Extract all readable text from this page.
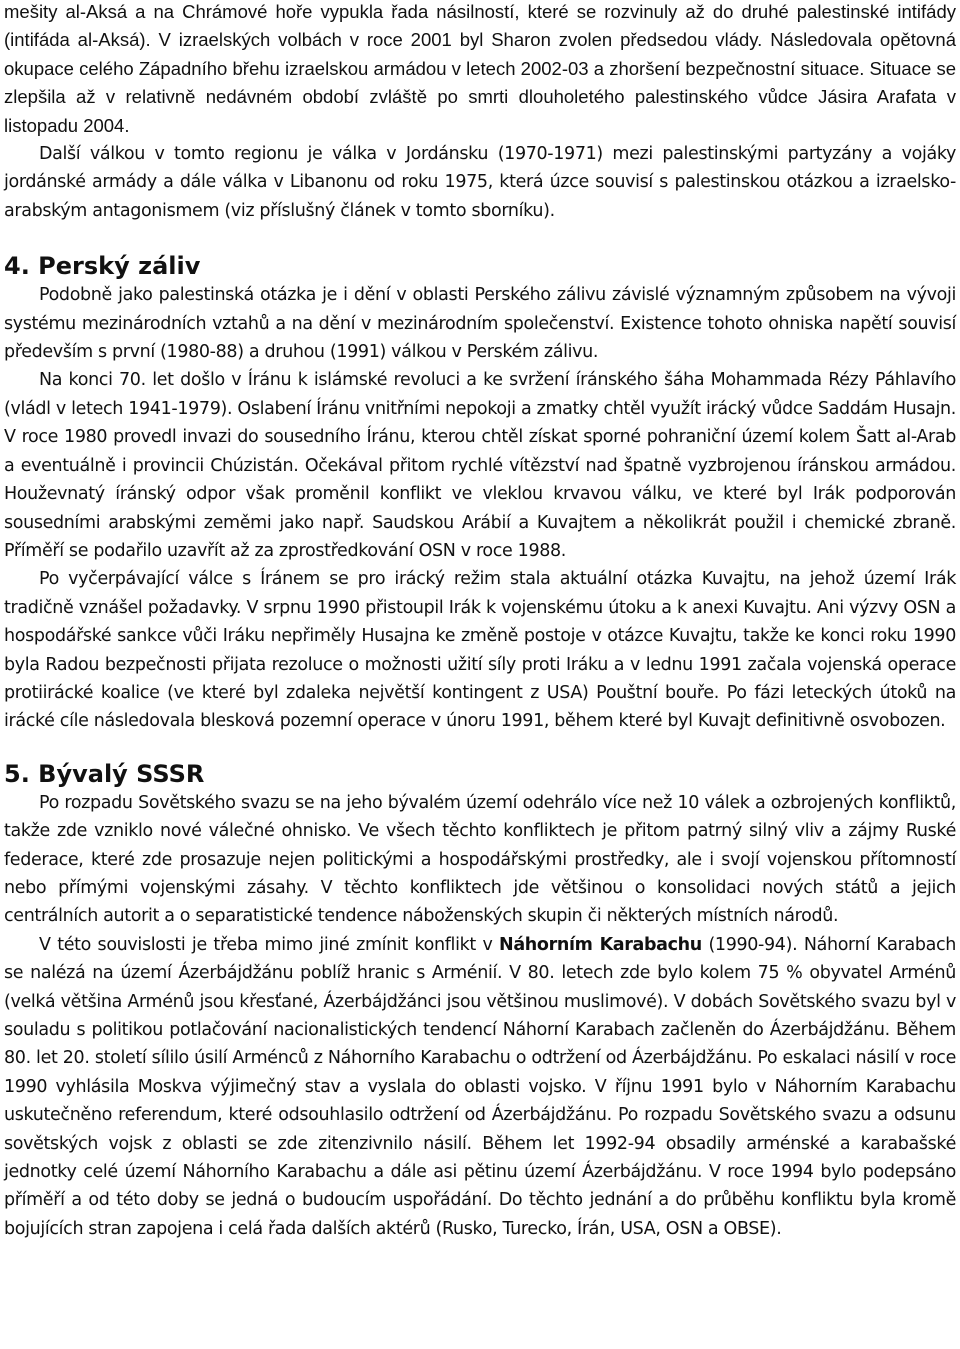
mešity al-Aksá a na Chrámové hoře vypukla řada násilností, které se rozvinuly až do druhé palestinské intifády (intifáda al-Aksá). V izraelských volbách v roce 2001 byl Sharon zvolen předsedou vlády. Následovala opětovná okupace celého Západního břehu izraelskou armádou v letech 2002-03 a zhoršení bezpečnostní situace. Situace se zlepšila až v relativně nedávném období zvláště po smrti dlouholetého palestinského vůdce Jásira Arafata v listopadu 2004.

Další válkou v tomto regionu je válka v Jordánsku (1970-1971) mezi palestinskými partyzány a vojáky jordánské armády a dále válka v Libanonu od roku 1975, která úzce souvisí s palestinskou otázkou a izraelsko-arabským antagonismem (viz příslušný článek v tomto sborníku).

4. Perský záliv

Podobně jako palestinská otázka je i dění v oblasti Perského zálivu závislé významným způsobem na vývoji systému mezinárodních vztahů a na dění v mezinárodním společenství. Existence tohoto ohniska napětí souvisí především s první (1980-88) a druhou (1991) válkou v Perském zálivu.

Na konci 70. let došlo v Íránu k islámské revoluci a ke svržení íránského šáha Mohammada Rézy Páhlavího (vládl v letech 1941-1979). Oslabení Íránu vnitřními nepokoji a zmatky chtěl využít irácký vůdce Saddám Husajn. V roce 1980 provedl invazi do sousedního Íránu, kterou chtěl získat sporné pohraniční území kolem Šatt al-Arab a eventuálně i provincii Chúzistán. Očekával přitom rychlé vítězství nad špatně vyzbrojenou íránskou armádou. Houževnatý íránský odpor však proměnil konflikt ve vleklou krvavou válku, ve které byl Irák podporován sousedními arabskými zeměmi jako např. Saudskou Arábií a Kuvajtem a několikrát použil i chemické zbraně. Příměří se podařilo uzavřít až za zprostředkování OSN v roce 1988.

Po vyčerpávající válce s Íránem se pro irácký režim stala aktuální otázka Kuvajtu, na jehož území Irák tradičně vznášel požadavky. V srpnu 1990 přistoupil Irák k vojenskému útoku a k anexi Kuvajtu. Ani výzvy OSN a hospodářské sankce vůči Iráku nepřiměly Husajna ke změně postoje v otázce Kuvajtu, takže ke konci roku 1990 byla Radou bezpečnosti přijata rezoluce o možnosti užití síly proti Iráku a v lednu 1991 začala vojenská operace protiirácké koalice (ve které byl zdaleka největší kontingent z USA) Pouštní bouře. Po fázi leteckých útoků na irácké cíle následovala blesková pozemní operace v únoru 1991, během které byl Kuvajt definitivně osvobozen.

5. Bývalý SSSR

Po rozpadu Sovětského svazu se na jeho bývalém území odehrálo více než 10 válek a ozbrojených konfliktů, takže zde vzniklo nové válečné ohnisko. Ve všech těchto konfliktech je přitom patrný silný vliv a zájmy Ruské federace, které zde prosazuje nejen politickými a hospodářskými prostředky, ale i svojí vojenskou přítomností nebo přímými vojenskými zásahy. V těchto konfliktech jde většinou o konsolidaci nových států a jejich centrálních autorit a o separatistické tendence náboženských skupin či některých místních národů.

V této souvislosti je třeba mimo jiné zmínit konflikt v Náhorním Karabachu (1990-94). Náhorní Karabach se nalézá na území Ázerbájdžánu poblíž hranic s Arménií. V 80. letech zde bylo kolem 75 % obyvatel Arménů (velká většina Arménů jsou křesťané, Ázerbájdžánci jsou většinou muslimové). V dobách Sovětského svazu byl v souladu s politikou potlačování nacionalistických tendencí Náhorní Karabach začleněn do Ázerbájdžánu. Během 80. let 20. století sílilo úsilí Arménců z Náhorního Karabachu o odtržení od Ázerbájdžánu. Po eskalaci násilí v roce 1990 vyhlásila Moskva výjimečný stav a vyslala do oblasti vojsko. V říjnu 1991 bylo v Náhorním Karabachu uskutečněno referendum, které odsouhlasilo odtržení od Ázerbájdžánu. Po rozpadu Sovětského svazu a odsunu sovětských vojsk z oblasti se zde zitenzivnilo násilí. Během let 1992-94 obsadily arménské a karabašské jednotky celé území Náhorního Karabachu a dále asi pětinu území Ázerbájdžánu. V roce 1994 bylo podepsáno příměří a od této doby se jedná o budoucím uspořádání. Do těchto jednání a do průběhu konfliktu byla kromě bojujících stran zapojena i celá řada dalších aktérů (Rusko, Turecko, Írán, USA, OSN a OBSE).
